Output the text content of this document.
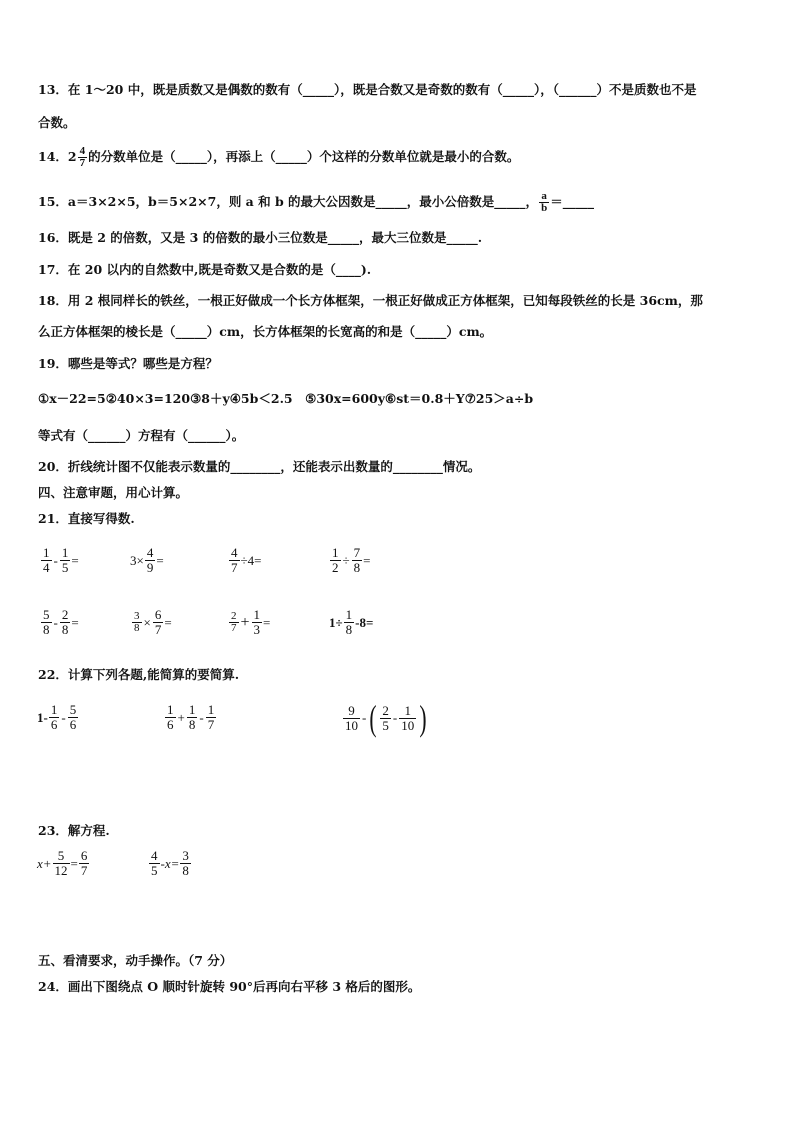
13．在 1～20 中，既是质数又是偶数的数有（_____），既是合数又是奇数的数有（_____），（______）不是质数也不是
合数。
14．$2 \frac{4}{7}$ 的分数单位是（_____），再添上（_____）个这样的分数单位就是最小的合数。
15．a＝3×2×5，b＝5×2×7，则 a 和 b 的最大公因数是_____，最小公倍数是_____， $\frac{a}{b}$ ＝_____
16．既是 2 的倍数，又是 3 的倍数的最小三位数是_____，最大三位数是_____.
17．在 20 以内的自然数中,既是奇数又是合数的是（____).
18．用 2 根同样长的铁丝，一根正好做成一个长方体框架，一根正好做成正方体框架，已知每段铁丝的长是 36cm，那
么正方体框架的棱长是（_____）cm，长方体框架的长宽高的和是（_____）cm。
19．哪些是等式？哪些是方程？
①x－22=5②40×3=120③8＋y④5b＜2.5　⑤30x=600y⑥st＝0.8＋Y⑦25＞a÷b
等式有（______）方程有（______）。
20．折线统计图不仅能表示数量的________，还能表示出数量的________情况。
四、注意审题，用心计算。
21．直接写得数.
$\frac{1}{4} - \frac{1}{5}$ =	$3\times \frac{4}{9}$ =	$\frac{4}{7} \div 4=$	$\frac{1}{2} \div \frac{7}{8}$ =
$\frac{5}{8} - \frac{2}{8}$ =	$\frac{3}{8} \times \frac{6}{7}$ =	$\frac{2}{7} + \frac{1}{3}$ =	$1\div \frac{1}{8} -8=$
22．计算下列各题,能简算的要简算.
$1- \frac{1}{6} - \frac{5}{6}$	$\frac{1}{6} + \frac{1}{8} - \frac{1}{7}$	$\frac{9}{10}$ - ( $\frac{2}{5} - \frac{1}{10}$ )
23．解方程.
$x+ \frac{5}{12} = \frac{6}{7}$	$\frac{4}{5} -x= \frac{3}{8}$
五、看清要求，动手操作。（7 分）
24．画出下图绕点 O 顺时针旋转 90°后再向右平移 3 格后的图形。
